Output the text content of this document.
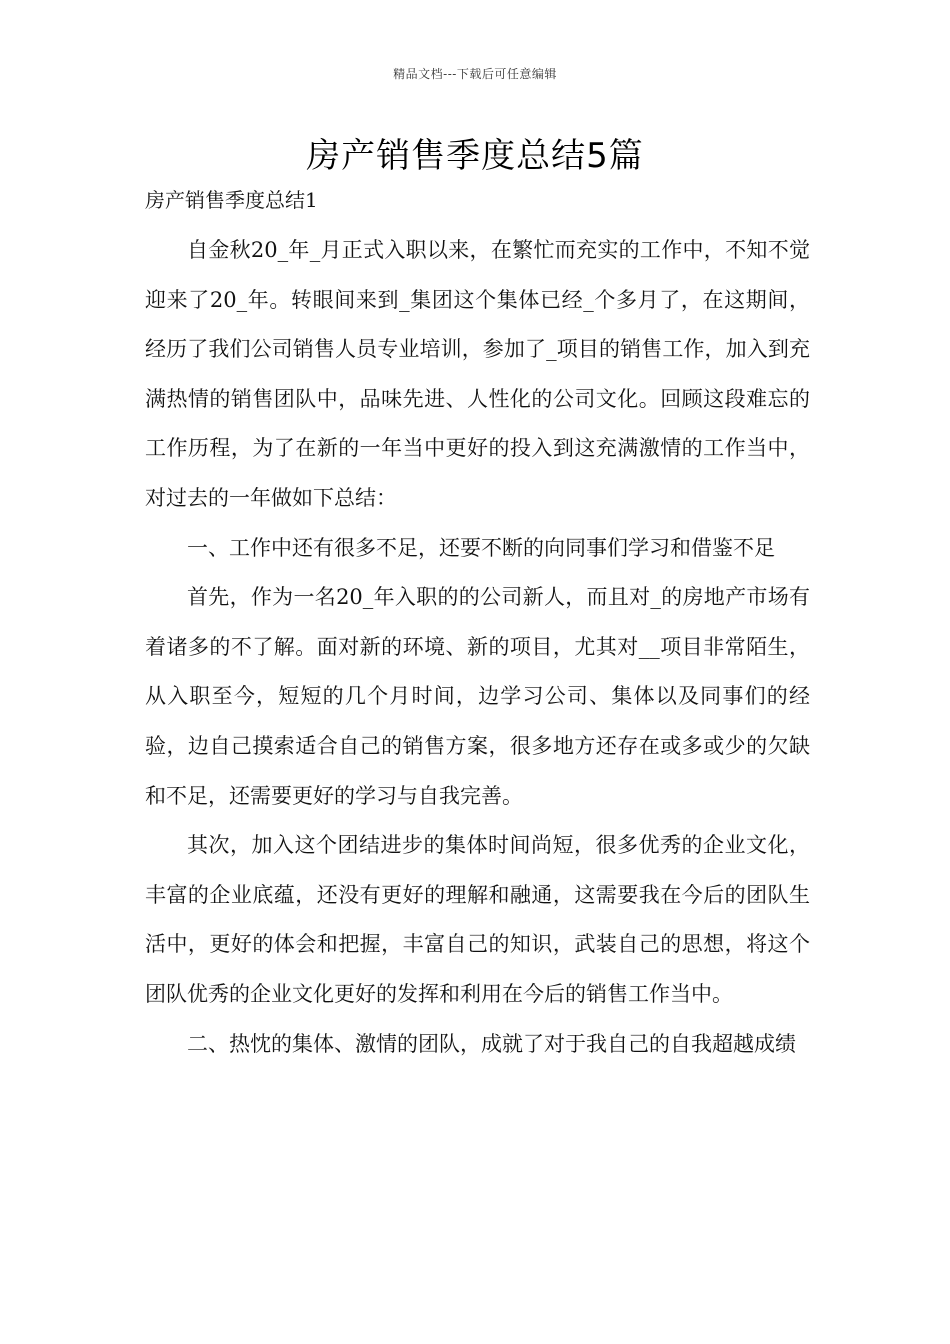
精品文档---下载后可任意编辑
房产销售季度总结5篇
房产销售季度总结1

自金秋20_年_月正式入职以来，在繁忙而充实的工作中，不知不觉迎来了20_年。转眼间来到_集团这个集体已经_个多月了，在这期间，经历了我们公司销售人员专业培训，参加了_项目的销售工作，加入到充满热情的销售团队中，品味先进、人性化的公司文化。回顾这段难忘的工作历程，为了在新的一年当中更好的投入到这充满激情的工作当中，对过去的一年做如下总结：

一、工作中还有很多不足，还要不断的向同事们学习和借鉴不足

首先，作为一名20_年入职的的公司新人，而且对_的房地产市场有着诸多的不了解。面对新的环境、新的项目，尤其对__项目非常陌生，从入职至今，短短的几个月时间，边学习公司、集体以及同事们的经验，边自己摸索适合自己的销售方案，很多地方还存在或多或少的欠缺和不足，还需要更好的学习与自我完善。

其次，加入这个团结进步的集体时间尚短，很多优秀的企业文化，丰富的企业底蕴，还没有更好的理解和融通，这需要我在今后的团队生活中，更好的体会和把握，丰富自己的知识，武装自己的思想，将这个团队优秀的企业文化更好的发挥和利用在今后的销售工作当中。

二、热忱的集体、激情的团队，成就了对于我自己的自我超越成绩
